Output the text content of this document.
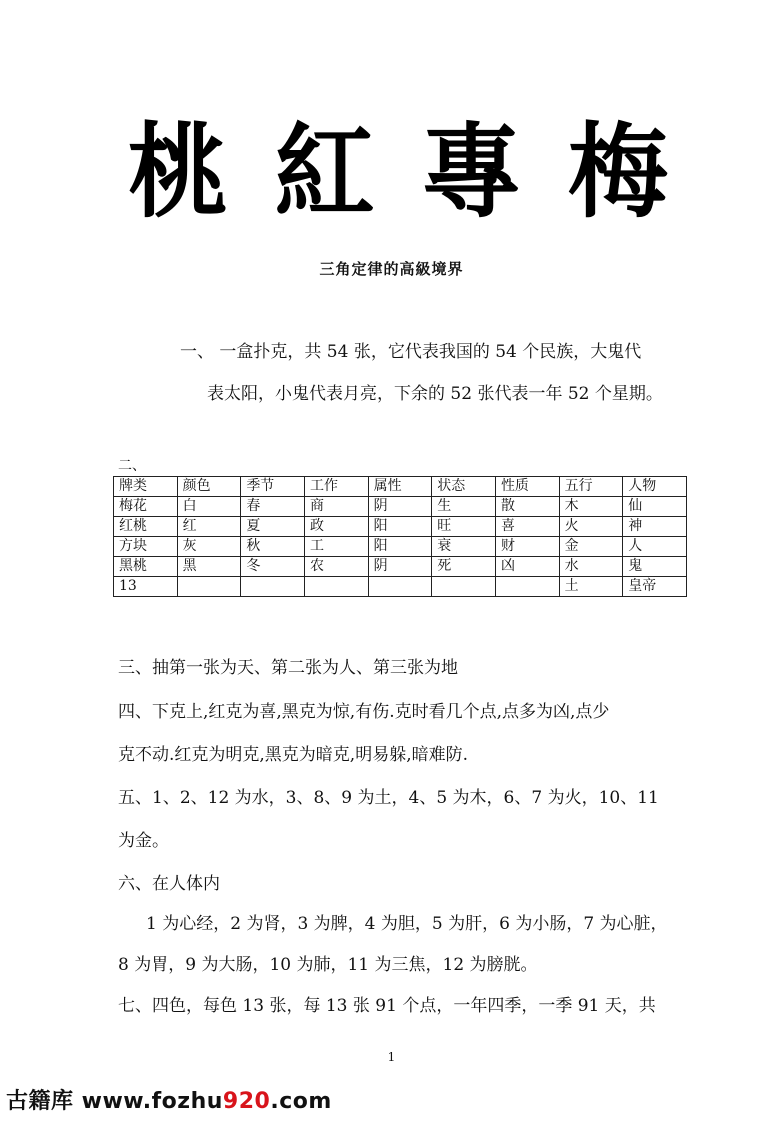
桃 紅 專 梅
三角定律的高級境界
一、 一盒扑克，共 54 张，它代表我国的 54 个民族，大鬼代
表太阳，小鬼代表月亮，下余的 52 张代表一年 52 个星期。
二、
牌类	颜色	季节	工作	属性	状态	性质	五行	人物
梅花	白	春	商	阴	生	散	木	仙
红桃	红	夏	政	阳	旺	喜	火	神
方块	灰	秋	工	阳	衰	财	金	人
黑桃	黑	冬	农	阴	死	凶	水	鬼
13							土	皇帝
三、抽第一张为天、第二张为人、第三张为地
四、下克上,红克为喜,黑克为惊,有伤.克时看几个点,点多为凶,点少
克不动.红克为明克,黑克为暗克,明易躲,暗难防.
五、1、2、12 为水，3、8、9 为土，4、5 为木，6、7 为火，10、11
为金。
六、在人体内
1 为心经，2 为肾，3 为脾，4 为胆，5 为肝，6 为小肠，7 为心脏，
8 为胃，9 为大肠，10 为肺，11 为三焦，12 为膀胱。
七、四色，每色 13 张，每 13 张 91 个点，一年四季，一季 91 天，共
1
古籍库 www.fozhu920.com
